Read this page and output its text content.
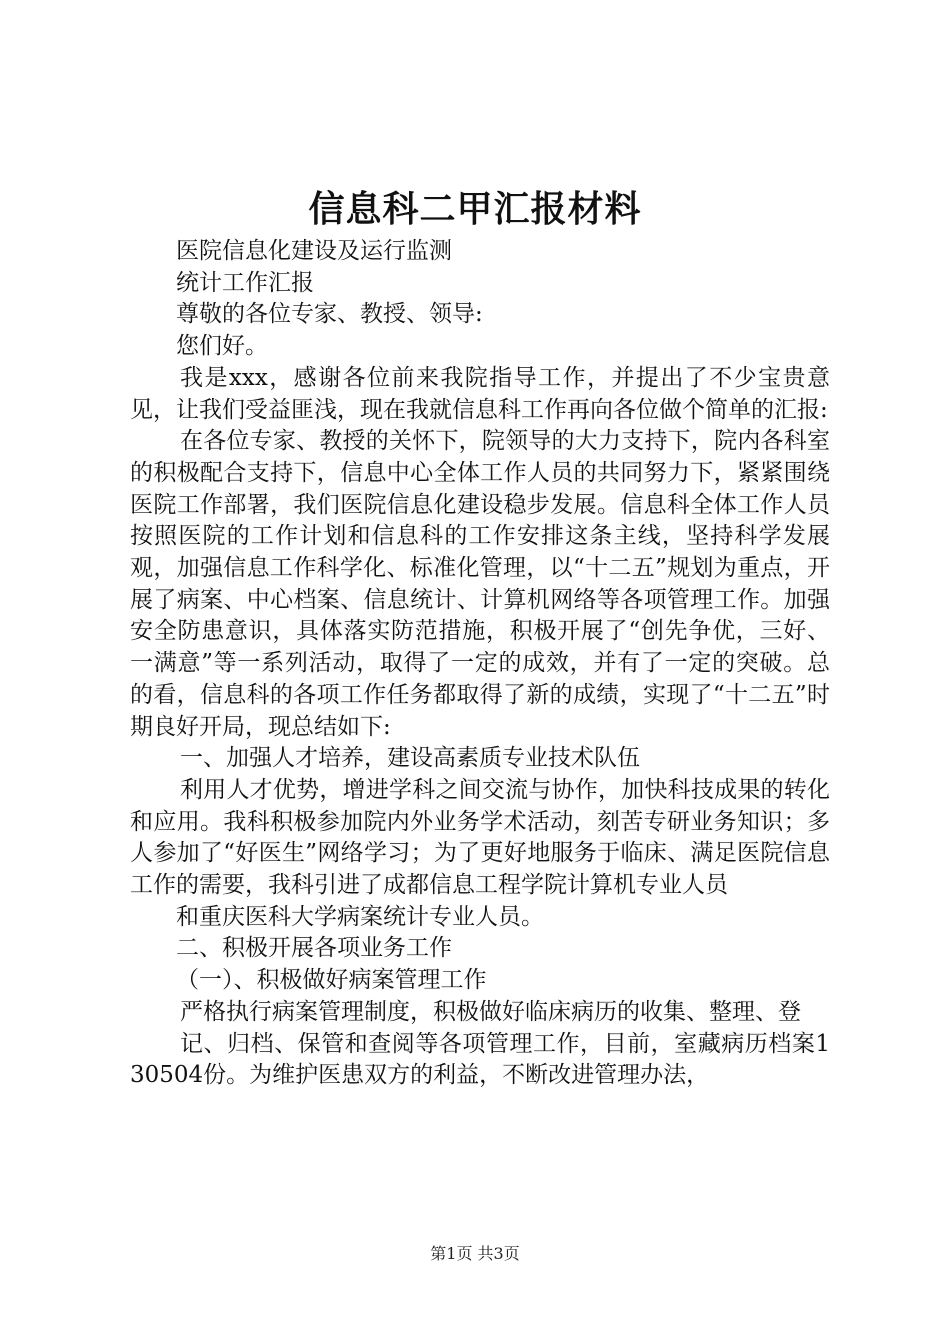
信息科二甲汇报材料

医院信息化建设及运行监测

统计工作汇报

尊敬的各位专家、教授、领导:

您们好。

我是xxx，感谢各位前来我院指导工作，并提出了不少宝贵意见，让我们受益匪浅，现在我就信息科工作再向各位做个简单的汇报:

在各位专家、教授的关怀下，院领导的大力支持下，院内各科室的积极配合支持下，信息中心全体工作人员的共同努力下，紧紧围绕医院工作部署，我们医院信息化建设稳步发展。信息科全体工作人员按照医院的工作计划和信息科的工作安排这条主线，坚持科学发展观，加强信息工作科学化、标准化管理，以“十二五”规划为重点，开展了病案、中心档案、信息统计、计算机网络等各项管理工作。加强安全防患意识，具体落实防范措施，积极开展了“创先争优，三好、一满意”等一系列活动，取得了一定的成效，并有了一定的突破。总的看，信息科的各项工作任务都取得了新的成绩，实现了“十二五”时期良好开局，现总结如下:

一、加强人才培养，建设高素质专业技术队伍

利用人才优势，增进学科之间交流与协作，加快科技成果的转化和应用。我科积极参加院内外业务学术活动，刻苦专研业务知识；多人参加了“好医生”网络学习；为了更好地服务于临床、满足医院信息工作的需要，我科引进了成都信息工程学院计算机专业人员

和重庆医科大学病案统计专业人员。

二、积极开展各项业务工作

（一）、积极做好病案管理工作

严格执行病案管理制度，积极做好临床病历的收集、整理、登

记、归档、保管和查阅等各项管理工作，目前，室藏病历档案130504份。为维护医患双方的利益，不断改进管理办法，

第1页 共3页
